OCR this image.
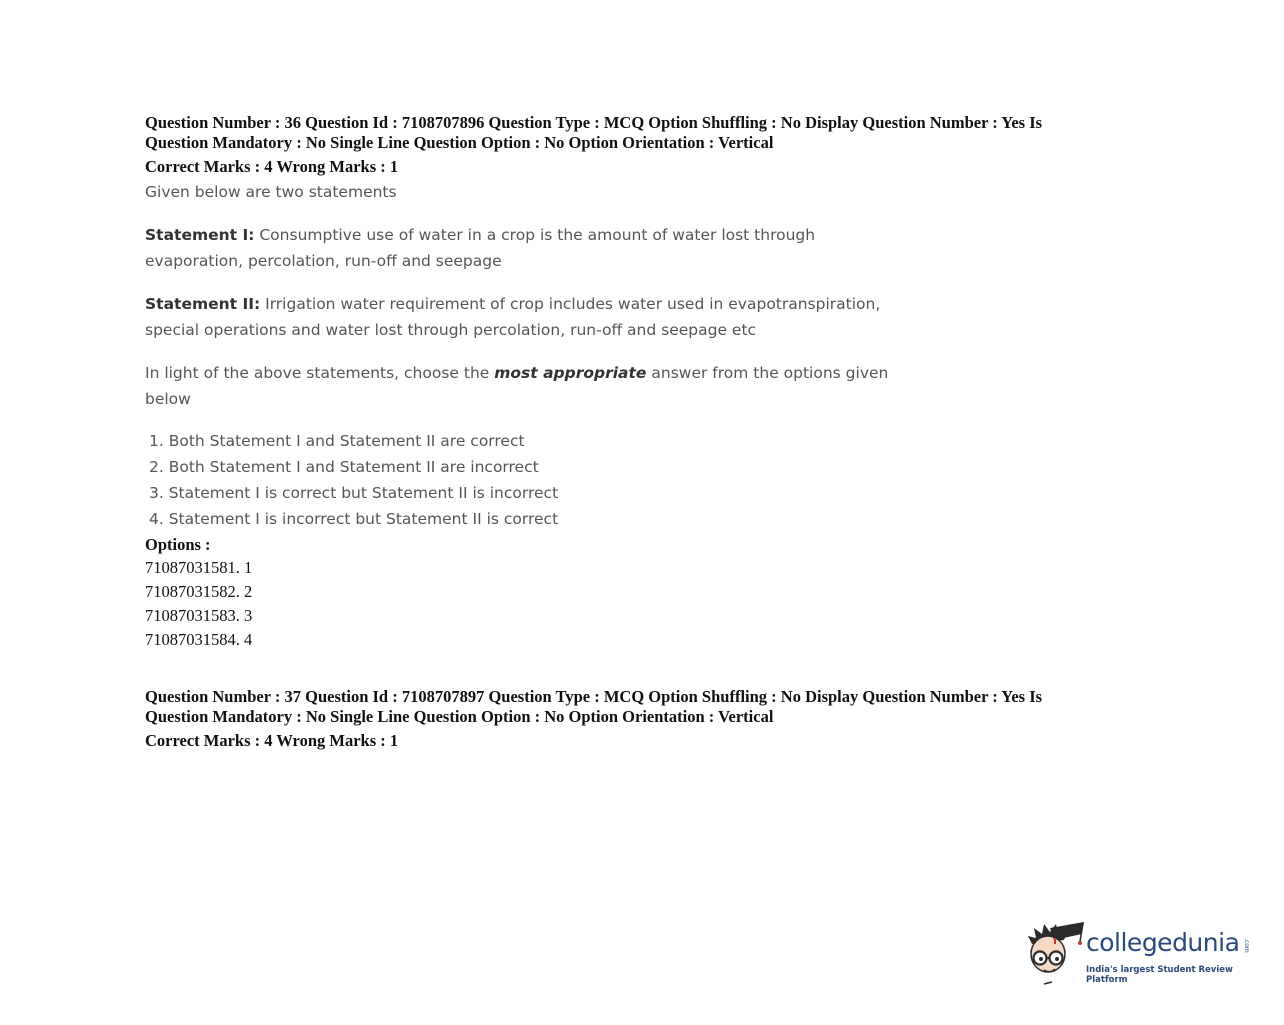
Question Number : 36 Question Id : 7108707896 Question Type : MCQ Option Shuffling : No Display Question Number : Yes Is
Question Mandatory : No Single Line Question Option : No Option Orientation : Vertical
Correct Marks : 4 Wrong Marks : 1
Given below are two statements
Statement I: Consumptive use of water in a crop is the amount of water lost through
evaporation, percolation, run-off and seepage
Statement II: Irrigation water requirement of crop includes water used in evapotranspiration,
special operations and water lost through percolation, run-off and seepage etc
In light of the above statements, choose the most appropriate answer from the options given
below
1. Both Statement I and Statement II are correct
2. Both Statement I and Statement II are incorrect
3. Statement I is correct but Statement II is incorrect
4. Statement I is incorrect but Statement II is correct
Options :
71087031581. 1
71087031582. 2
71087031583. 3
71087031584. 4
Question Number : 37 Question Id : 7108707897 Question Type : MCQ Option Shuffling : No Display Question Number : Yes Is
Question Mandatory : No Single Line Question Option : No Option Orientation : Vertical
Correct Marks : 4 Wrong Marks : 1
collegedunia .com
India's largest Student Review Platform
